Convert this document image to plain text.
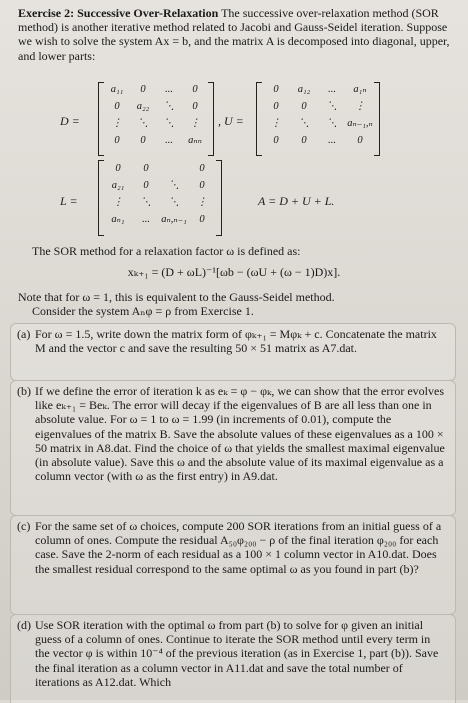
Exercise 2: Successive Over-Relaxation The successive over-relaxation method (SOR method) is another iterative method related to Jacobi and Gauss-Seidel iteration. Suppose we wish to solve the system Ax = b, and the matrix A is decomposed into diagonal, upper, and lower parts:
D =
a₁₁	0	...	0
0	a₂₂	⋱	0
⋮	⋱	⋱	⋮
0	0	...	aₙₙ
, U =
0	a₁₂	...	a₁ₙ
0	0	⋱	⋮
⋮	⋱	⋱ aₙ₋₁,ₙ
0	0	...	0
L =
0	0	0
a₂₁	0	⋱	0
⋮	⋱	⋱	⋮
aₙ₁	...	aₙ,ₙ₋₁	0
A = D + U + L.
The SOR method for a relaxation factor ω is defined as:
xₖ₊₁ = (D + ωL)⁻¹[ωb − (ωU + (ω − 1)D)x].
Note that for ω = 1, this is equivalent to the Gauss-Seidel method.
Consider the system Aₙφ = ρ from Exercise 1.
(a) For ω = 1.5, write down the matrix form of φₖ₊₁ = Mφₖ + c. Concatenate the matrix M and the vector c and save the resulting 50 × 51 matrix as A7.dat.
(b) If we define the error of iteration k as eₖ = φ − φₖ, we can show that the error evolves like eₖ₊₁ = Beₖ. The error will decay if the eigenvalues of B are all less than one in absolute value. For ω = 1 to ω = 1.99 (in increments of 0.01), compute the eigenvalues of the matrix B. Save the absolute values of these eigenvalues as a 100 × 50 matrix in A8.dat. Find the choice of ω that yields the smallest maximal eigenvalue (in absolute value). Save this ω and the absolute value of its maximal eigenvalue as a column vector (with ω as the first entry) in A9.dat.
(c) For the same set of ω choices, compute 200 SOR iterations from an initial guess of a column of ones. Compute the residual A₅₀φ₂₀₀ − ρ of the final iteration φ₂₀₀ for each case. Save the 2-norm of each residual as a 100 × 1 column vector in A10.dat. Does the smallest residual correspond to the same optimal ω as you found in part (b)?
(d) Use SOR iteration with the optimal ω from part (b) to solve for φ given an initial guess of a column of ones. Continue to iterate the SOR method until every term in the vector φ is within 10⁻⁴ of the previous iteration (as in Exercise 1, part (b)). Save the final iteration as a column vector in A11.dat and save the total number of iterations as A12.dat. Which
